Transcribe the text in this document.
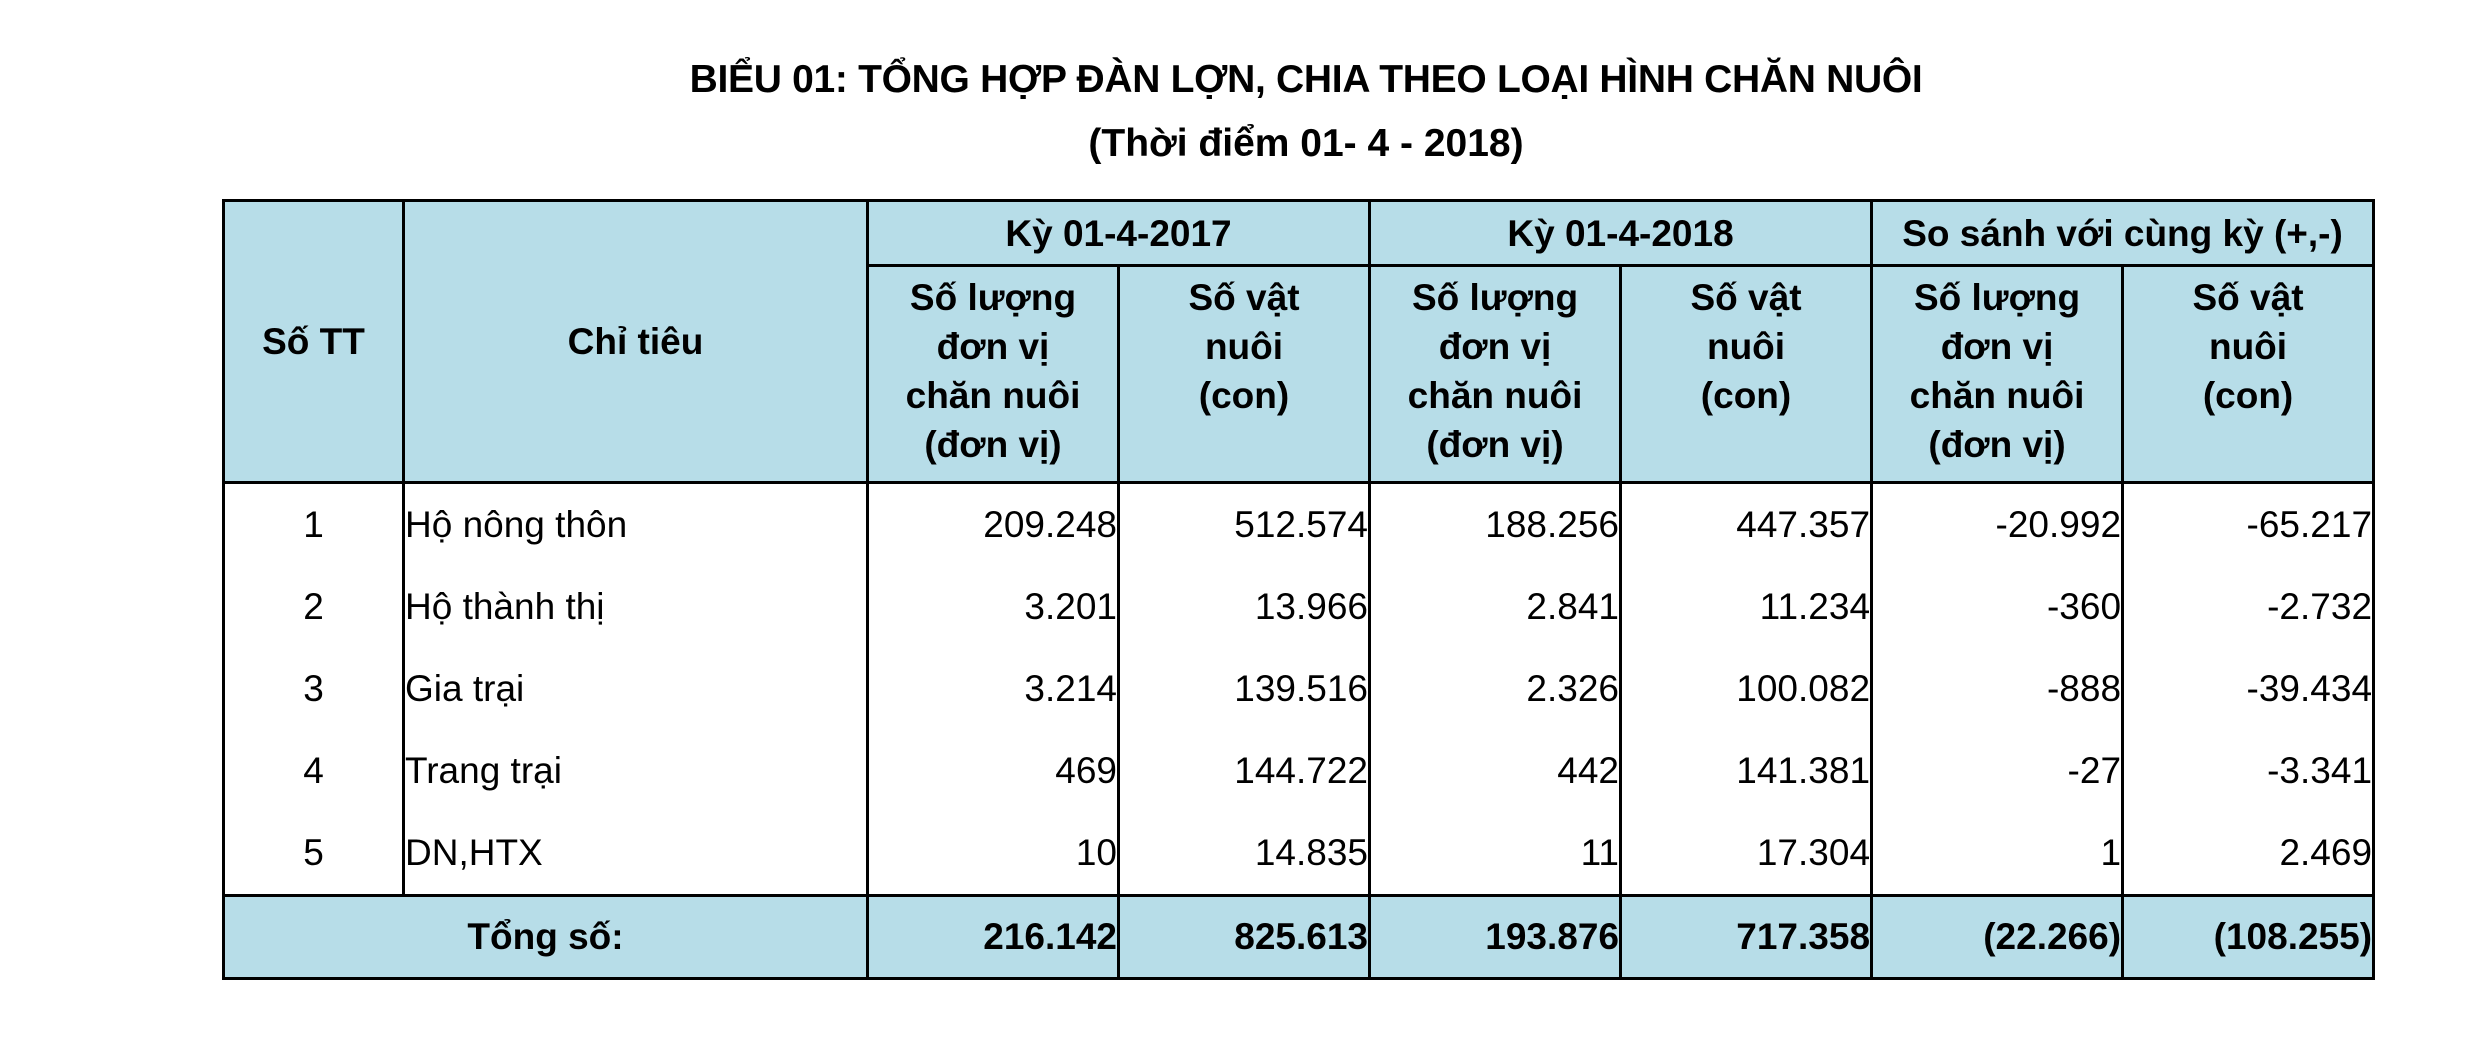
BIỂU 01: TỔNG HỢP ĐÀN LỢN, CHIA THEO LOẠI HÌNH CHĂN NUÔI
(Thời điểm 01- 4 - 2018)
Số TT	Chỉ tiêu	Kỳ 01-4-2017		Kỳ 01-4-2018		So sánh với cùng kỳ (+,-)	
		Số lượng
đơn vị
chăn nuôi
(đơn vị)	Số vật
nuôi
(con)	Số lượng
đơn vị
chăn nuôi
(đơn vị)	Số vật
nuôi
(con)	Số lượng
đơn vị
chăn nuôi
(đơn vị)	Số vật
nuôi
(con)
1	Hộ nông thôn	209.248	512.574	188.256	447.357	-20.992	-65.217
2	Hộ thành thị	3.201	13.966	2.841	11.234	-360	-2.732
3	Gia trại	3.214	139.516	2.326	100.082	-888	-39.434
4	Trang trại	469	144.722	442	141.381	-27	-3.341
5	DN,HTX	10	14.835	11	17.304	1	2.469
Tổng số:		216.142	825.613	193.876	717.358	(22.266)	(108.255)
